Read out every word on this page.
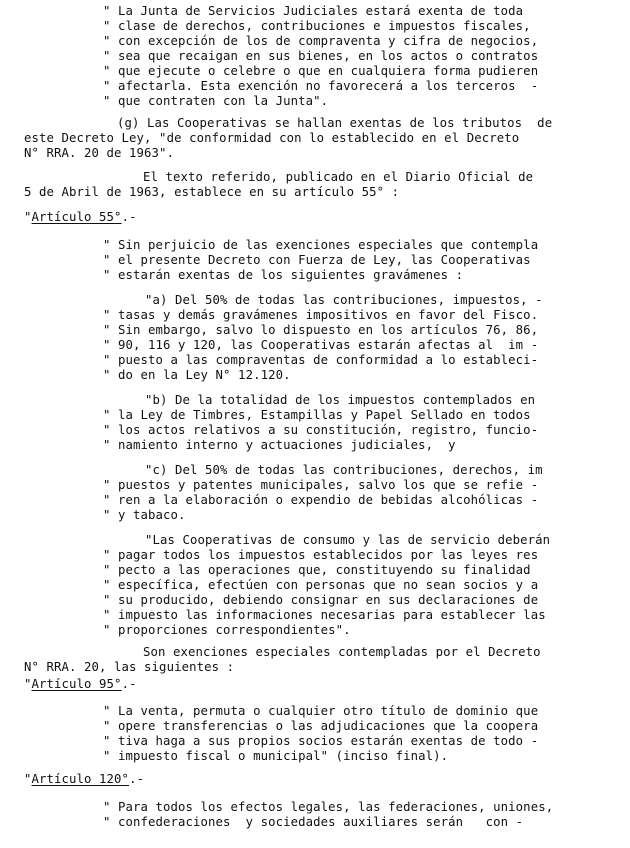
" La Junta de Servicios Judiciales estará exenta de toda
" clase de derechos, contribuciones e impuestos fiscales,
" con excepción de los de compraventa y cifra de negocios,
" sea que recaigan en sus bienes, en los actos o contratos
" que ejecute o celebre o que en cualquiera forma pudieren
" afectarla. Esta exención no favorecerá a los terceros  -
" que contraten con la Junta".
(g) Las Cooperativas se hallan exentas de los tributos  de
este Decreto Ley, "de conformidad con lo establecido en el Decreto
N° RRA. 20 de 1963".
El texto referido, publicado en el Diario Oficial de
5 de Abril de 1963, establece en su artículo 55° :
"Artículo 55°.-
" Sin perjuicio de las exenciones especiales que contempla
" el presente Decreto con Fuerza de Ley, las Cooperativas
" estarán exentas de los siguientes gravámenes :
"a) Del 50% de todas las contribuciones, impuestos, -
" tasas y demás gravámenes impositivos en favor del Fisco.
" Sin embargo, salvo lo dispuesto en los artículos 76, 86,
" 90, 116 y 120, las Cooperativas estarán afectas al  im -
" puesto a las compraventas de conformidad a lo estableci-
" do en la Ley N° 12.120.
"b) De la totalidad de los impuestos contemplados en
" la Ley de Timbres, Estampillas y Papel Sellado en todos
" los actos relativos a su constitución, registro, funcio-
" namiento interno y actuaciones judiciales,  y
"c) Del 50% de todas las contribuciones, derechos, im
" puestos y patentes municipales, salvo los que se refie -
" ren a la elaboración o expendio de bebidas alcohólicas -
" y tabaco.
"Las Cooperativas de consumo y las de servicio deberán
" pagar todos los impuestos establecidos por las leyes res
" pecto a las operaciones que, constituyendo su finalidad
" específica, efectúen con personas que no sean socios y a
" su producido, debiendo consignar en sus declaraciones de
" impuesto las informaciones necesarias para establecer las
" proporciones correspondientes".
Son exenciones especiales contempladas por el Decreto
N° RRA. 20, las siguientes :
"Artículo 95°.-
" La venta, permuta o cualquier otro título de dominio que
" opere transferencias o las adjudicaciones que la coopera
" tiva haga a sus propios socios estarán exentas de todo -
" impuesto fiscal o municipal" (inciso final).
"Artículo 120°.-
" Para todos los efectos legales, las federaciones, uniones,
" confederaciones  y sociedades auxiliares serán   con -
